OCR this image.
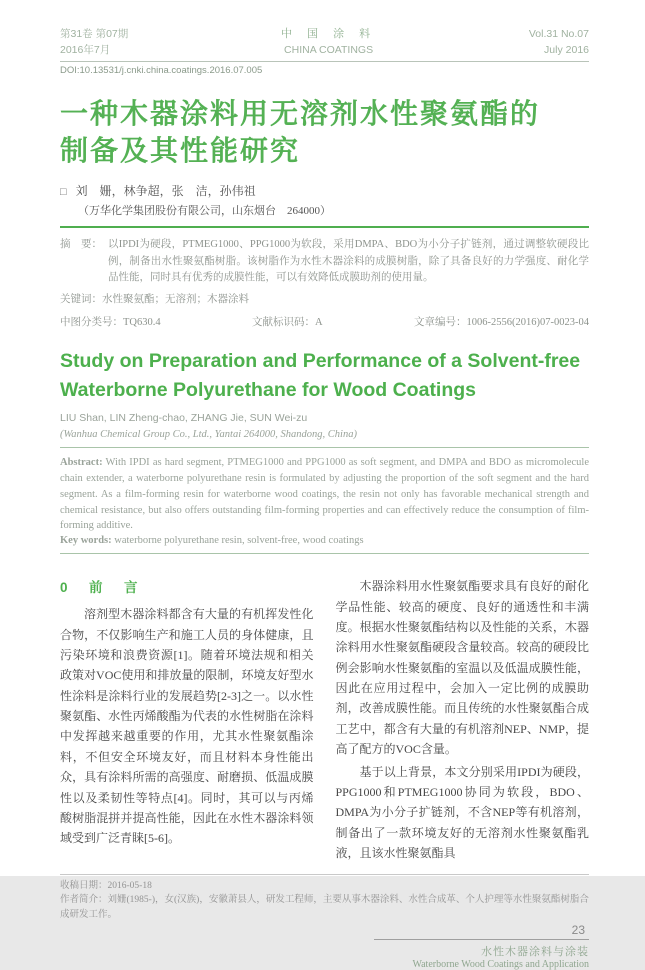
第31卷 第07期
2016年7月
中 国 涂 料
CHINA COATINGS
Vol.31 No.07
July 2016
DOI:10.13531/j.cnki.china.coatings.2016.07.005
一种木器涂料用无溶剂水性聚氨酯的
制备及其性能研究
□ 刘　姗，林争超，张　洁，孙伟祖
（万华化学集团股份有限公司，山东烟台　264000）
摘　要： 以IPDI为硬段，PTMEG1000、PPG1000为软段，采用DMPA、BDO为小分子扩链剂，通过调整软硬段比例，制备出水性聚氨酯树脂。该树脂作为水性木器涂料的成膜树脂，除了具备良好的力学强度、耐化学品性能，同时具有优秀的成膜性能，可以有效降低成膜助剂的使用量。
关键词：水性聚氨酯；无溶剂；木器涂料
中图分类号：TQ630.4	文献标识码：A	文章编号：1006-2556(2016)07-0023-04
Study on Preparation and Performance of a Solvent-free
Waterborne Polyurethane for Wood Coatings
LIU Shan, LIN Zheng-chao, ZHANG Jie, SUN Wei-zu
(Wanhua Chemical Group Co., Ltd., Yantai 264000, Shandong, China)
Abstract: With IPDI as hard segment, PTMEG1000 and PPG1000 as soft segment, and DMPA and BDO as micromolecule chain extender, a waterborne polyurethane resin is formulated by adjusting the proportion of the soft segment and the hard segment. As a film-forming resin for waterborne wood coatings, the resin not only has favorable mechanical strength and chemical resistance, but also offers outstanding film-forming properties and can effectively reduce the consumption of film-forming additive.
Key words: waterborne polyurethane resin, solvent-free, wood coatings
0　前　言

溶剂型木器涂料都含有大量的有机挥发性化合物，不仅影响生产和施工人员的身体健康，且污染环境和浪费资源[1]。随着环境法规和相关政策对VOC使用和排放量的限制，环境友好型水性涂料是涂料行业的发展趋势[2-3]之一。以水性聚氨酯、水性丙烯酸酯为代表的水性树脂在涂料中发挥越来越重要的作用，尤其水性聚氨酯涂料，不但安全环境友好，而且材料本身性能出众，具有涂料所需的高强度、耐磨损、低温成膜性以及柔韧性等特点[4]。同时，其可以与丙烯酸树脂混拼并提高性能，因此在水性木器涂料领域受到广泛青睐[5-6]。

木器涂料用水性聚氨酯要求具有良好的耐化学品性能、较高的硬度、良好的通透性和丰满度。根据水性聚氨酯结构以及性能的关系，木器涂料用水性聚氨酯硬段含量较高。较高的硬段比例会影响水性聚氨酯的室温以及低温成膜性能，因此在应用过程中，会加入一定比例的成膜助剂，改善成膜性能。而且传统的水性聚氨酯合成工艺中，都含有大量的有机溶剂NEP、NMP，提高了配方的VOC含量。

基于以上背景，本文分别采用IPDI为硬段，PPG1000和PTMEG1000协同为软段，BDO、DMPA为小分子扩链剂，不含NEP等有机溶剂，制备出了一款环境友好的无溶剂水性聚氨酯乳液，且该水性聚氨酯具

收稿日期：2016-05-18
作者简介：刘姗(1985-)，女(汉族)，安徽萧县人，研发工程师，主要从事木器涂料、水性合成革、个人护理等水性聚氨酯树脂合成研发工作。
23
水性木器涂料与涂装
Waterborne Wood Coatings and Application
